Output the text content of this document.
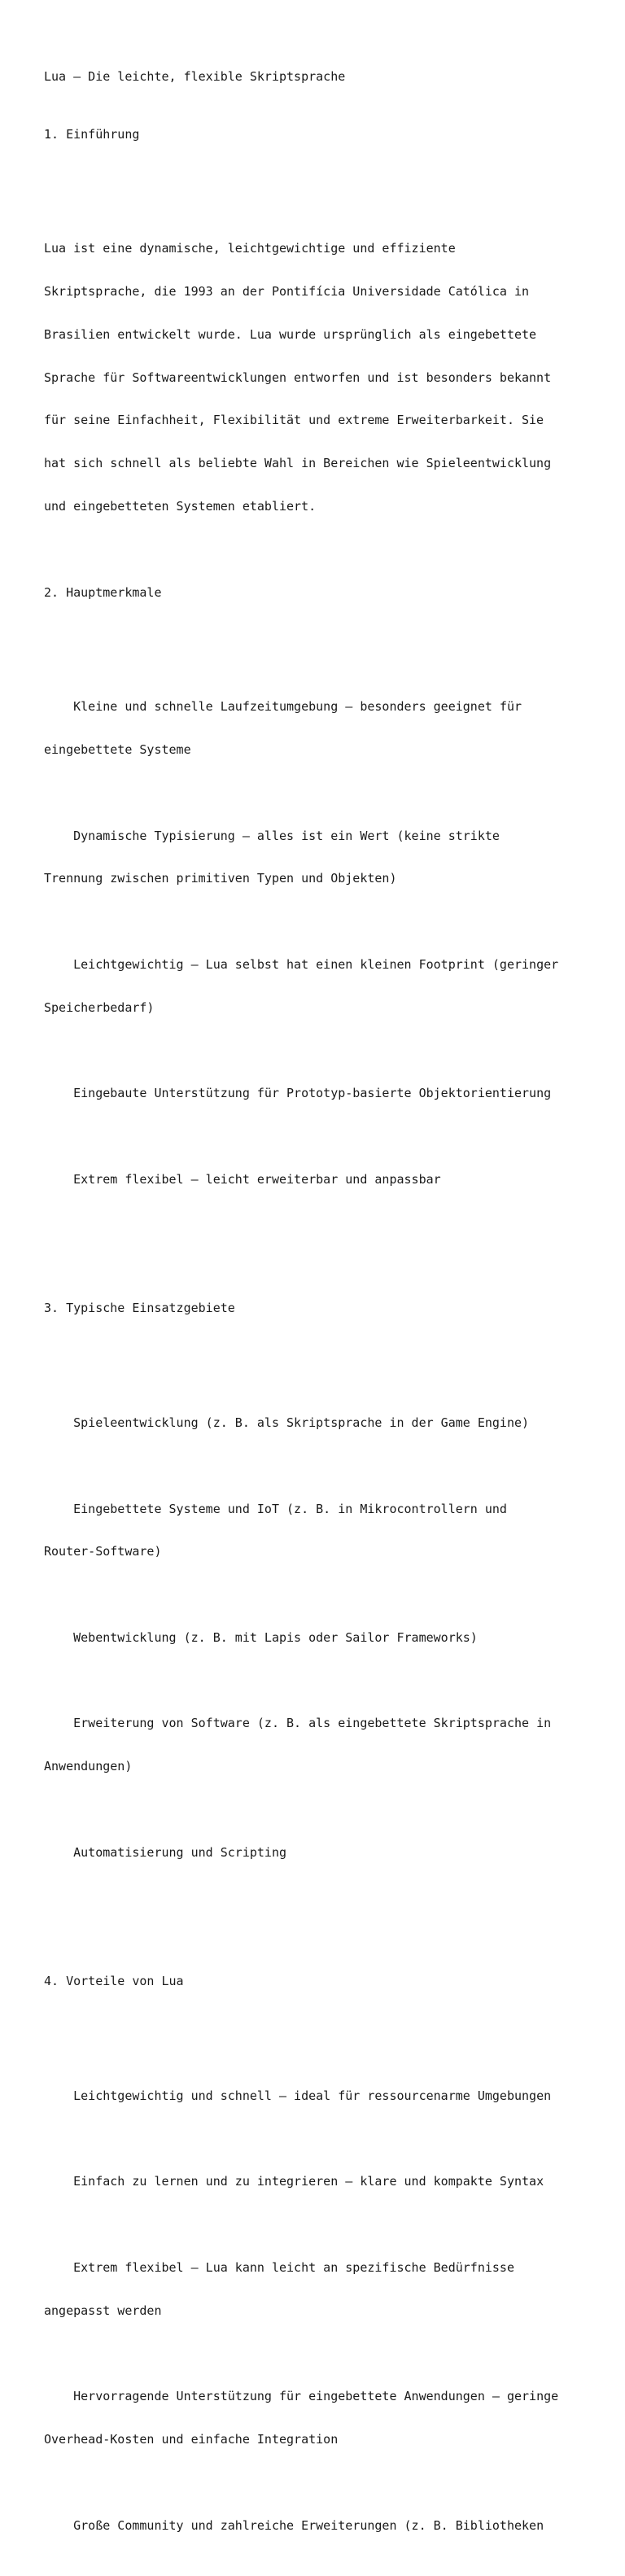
Lua – Die leichte, flexible Skriptsprache

1. Einführung

Lua ist eine dynamische, leichtgewichtige und effiziente

Skriptsprache, die 1993 an der Pontifícia Universidade Católica in

Brasilien entwickelt wurde. Lua wurde ursprünglich als eingebettete

Sprache für Softwareentwicklungen entworfen und ist besonders bekannt

für seine Einfachheit, Flexibilität und extreme Erweiterbarkeit. Sie

hat sich schnell als beliebte Wahl in Bereichen wie Spieleentwicklung

und eingebetteten Systemen etabliert.

2. Hauptmerkmale

Kleine und schnelle Laufzeitumgebung – besonders geeignet für

eingebettete Systeme

Dynamische Typisierung – alles ist ein Wert (keine strikte

Trennung zwischen primitiven Typen und Objekten)

Leichtgewichtig – Lua selbst hat einen kleinen Footprint (geringer

Speicherbedarf)

Eingebaute Unterstützung für Prototyp-basierte Objektorientierung

Extrem flexibel – leicht erweiterbar und anpassbar

3. Typische Einsatzgebiete

Spieleentwicklung (z. B. als Skriptsprache in der Game Engine)

Eingebettete Systeme und IoT (z. B. in Mikrocontrollern und

Router-Software)

Webentwicklung (z. B. mit Lapis oder Sailor Frameworks)

Erweiterung von Software (z. B. als eingebettete Skriptsprache in

Anwendungen)

Automatisierung und Scripting

4. Vorteile von Lua

Leichtgewichtig und schnell – ideal für ressourcenarme Umgebungen

Einfach zu lernen und zu integrieren – klare und kompakte Syntax

Extrem flexibel – Lua kann leicht an spezifische Bedürfnisse

angepasst werden

Hervorragende Unterstützung für eingebettete Anwendungen – geringe

Overhead-Kosten und einfache Integration

Große Community und zahlreiche Erweiterungen (z. B. Bibliotheken
